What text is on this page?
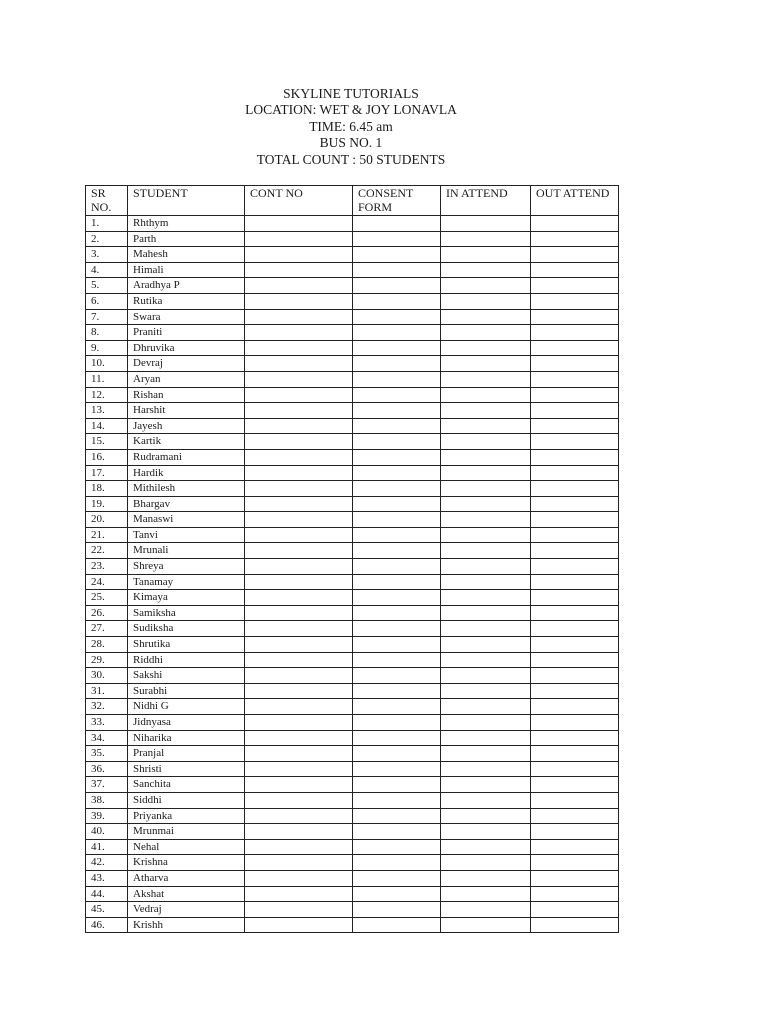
SKYLINE TUTORIALS
LOCATION: WET & JOY LONAVLA
TIME: 6.45 am
BUS NO. 1
TOTAL COUNT : 50 STUDENTS
SR NO.	STUDENT	CONT NO	CONSENT FORM	IN ATTEND	OUT ATTEND
1.	Rhthym				
2.	Parth				
3.	Mahesh				
4.	Himali				
5.	Aradhya P				
6.	Rutika				
7.	Swara				
8.	Praniti				
9.	Dhruvika				
10.	Devraj				
11.	Aryan				
12.	Rishan				
13.	Harshit				
14.	Jayesh				
15.	Kartik				
16.	Rudramani				
17.	Hardik				
18.	Mithilesh				
19.	Bhargav				
20.	Manaswi				
21.	Tanvi				
22.	Mrunali				
23.	Shreya				
24.	Tanamay				
25.	Kimaya				
26.	Samiksha				
27.	Sudiksha				
28.	Shrutika				
29.	Riddhi				
30.	Sakshi				
31.	Surabhi				
32.	Nidhi G				
33.	Jidnyasa				
34.	Niharika				
35.	Pranjal				
36.	Shristi				
37.	Sanchita				
38.	Siddhi				
39.	Priyanka				
40.	Mrunmai				
41.	Nehal				
42.	Krishna				
43.	Atharva				
44.	Akshat				
45.	Vedraj				
46.	Krishh				
